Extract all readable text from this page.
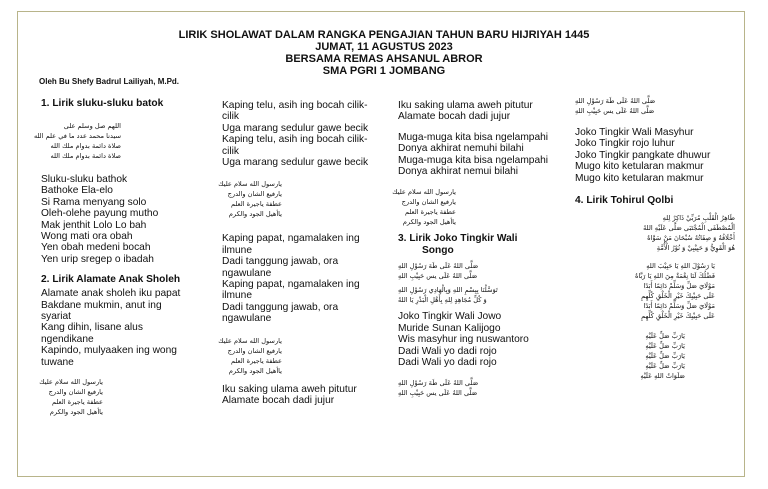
LIRIK SHOLAWAT DALAM RANGKA PENGAJIAN TAHUN BARU HIJRIYAH 1445
JUMAT, 11 AGUSTUS 2023
BERSAMA REMAS AHSANUL ABROR
SMA PGRI 1 JOMBANG
Oleh Bu Shefy Badrul Lailiyah, M.Pd.
1. Lirik sluku-sluku batok
اللهم صل وسلم على
سيدنا محمد عدد ما في علم الله
صلاة دائمة بدوام ملك الله
صلاة دائمة بدوام ملك الله
Sluku-sluku bathok
Bathoke Ela-elo
Si Rama menyang solo
Oleh-olehe payung mutho
Mak jenthit Lolo Lo bah
Wong mati ora obah
Yen obah medeni bocah
Yen urip sregep o ibadah
2. Lirik Alamate Anak Sholeh
Alamate anak sholeh iku papat
Bakdane mukmin, anut ing
syariat
Kang dihin, lisane alus
ngendikane
Kapindo, mulyaaken ing wong
tuwane
يارسول الله سلام عليك
يارفيع الشان والدرج
عطفة ياجيرة العلم
ياأهيل الجود والكرم
Kaping telu, asih ing bocah cilik-
cilik
Uga marang sedulur gawe becik
Kaping telu, asih ing bocah cilik-
cilik
Uga marang sedulur gawe becik
يارسول الله سلام عليك
يارفيع الشان والدرج
عطفة ياجيرة العلم
ياأهيل الجود والكرم
Kaping papat, ngamalaken ing
ilmune
Dadi tanggung jawab, ora
ngawulane
Kaping papat, ngamalaken ing
ilmune
Dadi tanggung jawab, ora
ngawulane
يارسول الله سلام عليك
يارفيع الشان والدرج
عطفة ياجيرة العلم
ياأهيل الجود والكرم
Iku saking ulama aweh pitutur
Alamate bocah dadi jujur
Iku saking ulama aweh pitutur
Alamate bocah dadi jujur
Muga-muga kita bisa ngelampahi
Donya akhirat nemuhi bilahi
Muga-muga kita bisa ngelampahi
Donya akhirat nemui bilahi
يارسول الله سلام عليك
يارفيع الشان والدرج
عطفة ياجيرة العلم
ياأهيل الجود والكرم
3. Lirik Joko Tingkir Wali
Songo
صَلَّى اللهُ عَلَى طَهَ رَسُوْلِ اللهِ
صَلَّى اللهُ عَلَى يس حَبِيْبِ اللهِ
تَوَسَّلْنَا بِبِسْمِ اللهِ وَبِالْهَادِي رَسُوْلِ اللهِ
وَ كُلِّ مُجَاهِدٍ لِلهِ بِأَهْلِ الْبَدْرِ يَا اللهُ
Joko Tingkir Wali Jowo
Muride Sunan Kalijogo
Wis masyhur ing nuswantoro
Dadi Wali yo dadi rojo
Dadi Wali yo dadi rojo
صَلَّى اللهُ عَلَى طَهَ رَسُوْلِ اللهِ
صَلَّى اللهُ عَلَى يس حَبِيْبِ اللهِ
صَلَّى اللهُ عَلَى طَهَ رَسُوْلِ اللهِ
صَلَّى اللهُ عَلَى يس حَبِيْبِ اللهِ
Joko Tingkir Wali Masyhur
Joko Tingkir rojo luhur
Joko Tingkir pangkate dhuwur
Mugo kito ketularan makmur
Mugo kito ketularan makmur
4. Lirik Tohirul Qolbi
طَاهِرُ الْقَلْبِ مُرَبِّيْ ذَاكِرٌ لِلهِ
اَلْمُصْطَفَى الْمُجْتَبَى صَلَّى عَلَيْهِ اللهُ
أَخْلَاقُهُ وَ صِفَاتُهُ سُبْحَانَ مَنْ سَوَّاهُ
هُوَ الْقَوِيُّ وَ حَبِيْبِيْ وَ نُوْرُ الْأُمَّةِ
يَا رَسُوْلَ اللهِ يَا حَبِيْبَ اللهِ
فَضْلُكَ لَنَا نِعْمَةٌ مِنَ اللهِ يَا رَبَّاهُ
مَوْلَايَ صَلِّ وَسَلِّمْ دَائِمًا أَبَدًا
عَلَى حَبِيْبِكَ خَيْرِ الْخَلْقِ كُلِّهِمِ
مَوْلَايَ صَلِّ وَسَلِّمْ دَائِمًا أَبَدًا
عَلَى حَبِيْبِكَ خَيْرِ الْخَلْقِ كُلِّهِمِ
يَارَبِّ صَلِّ عَلَيْهِ
يَارَبِّ صَلِّ عَلَيْهِ
يَارَبِّ صَلِّ عَلَيْهِ
يَارَبِّ صَلِّ عَلَيْهِ
صَلَوَاتُ اللهِ عَلَيْهِ
